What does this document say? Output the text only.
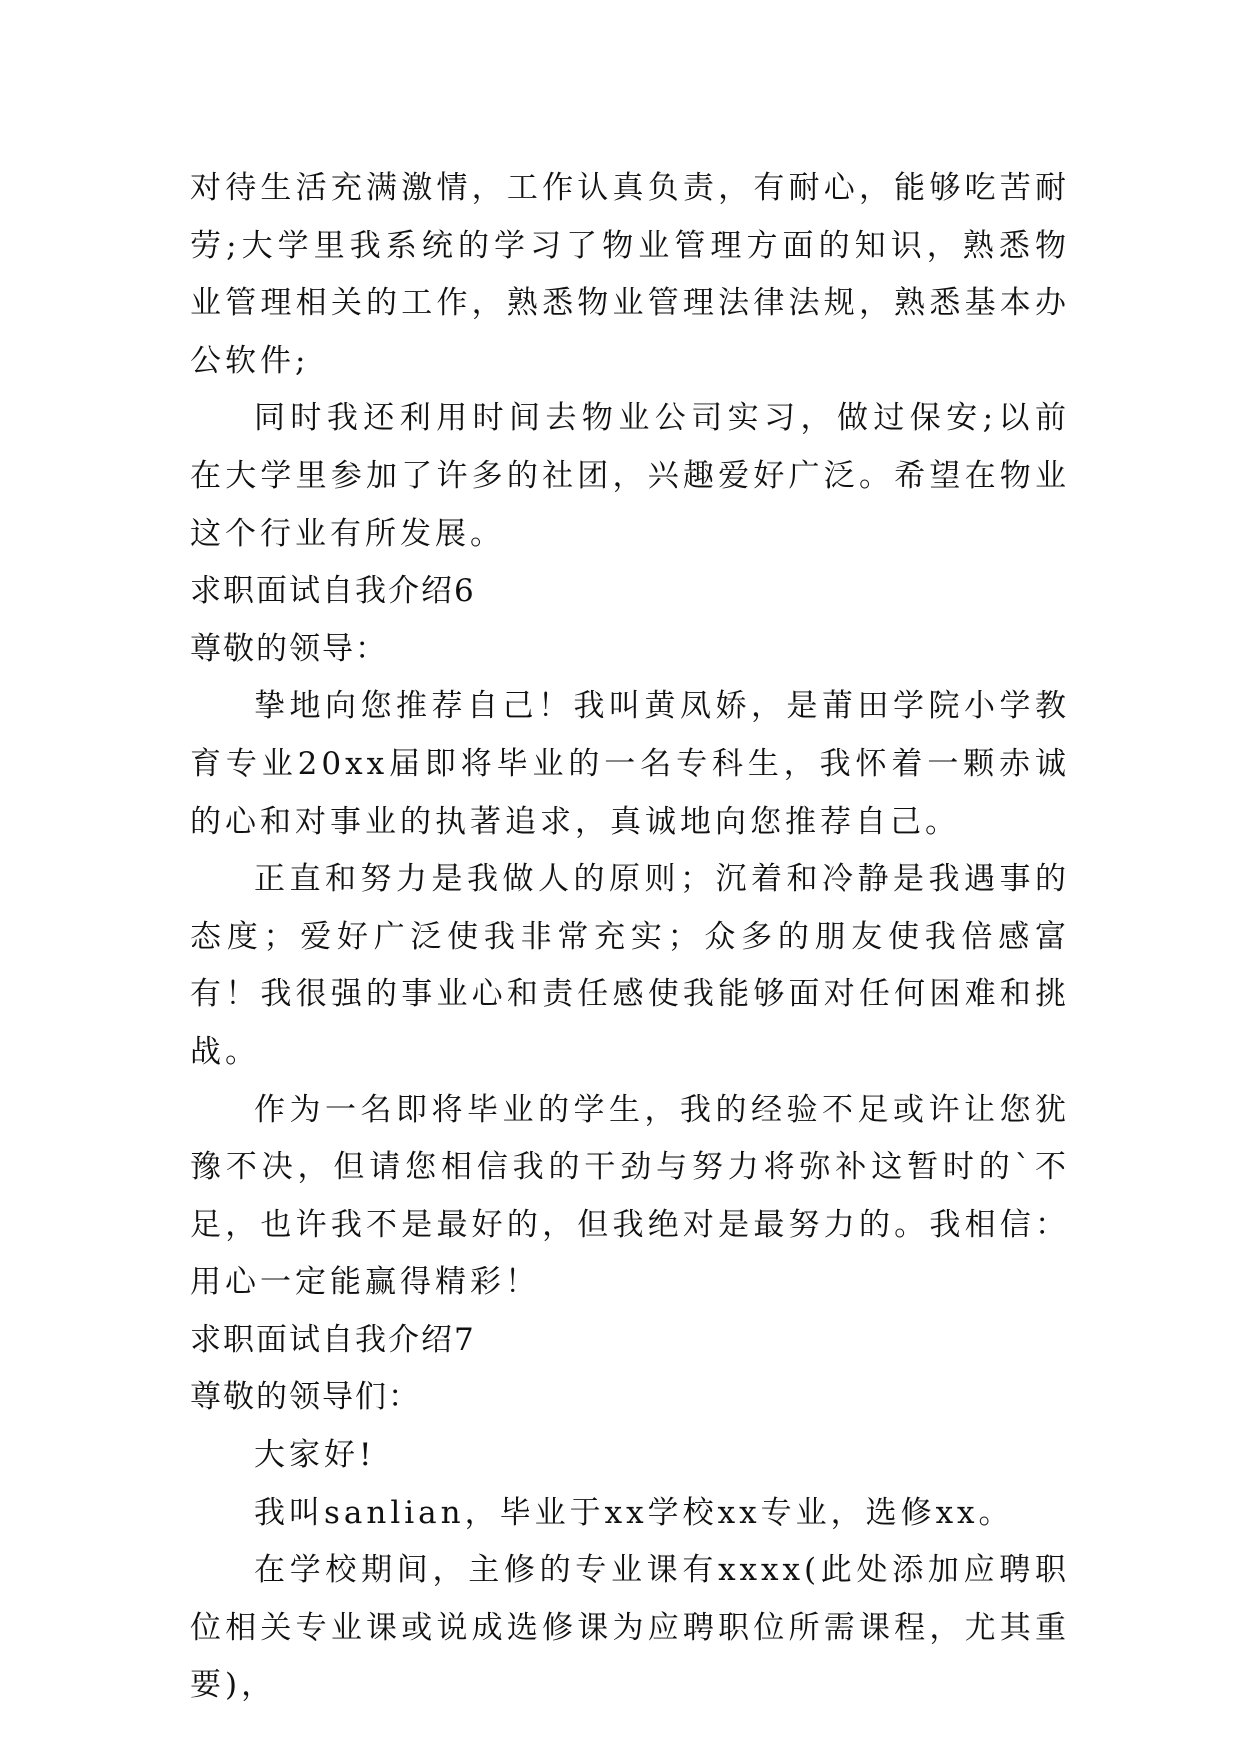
对待生活充满激情，工作认真负责，有耐心，能够吃苦耐劳;大学里我系统的学习了物业管理方面的知识，熟悉物业管理相关的工作，熟悉物业管理法律法规，熟悉基本办公软件;

同时我还利用时间去物业公司实习，做过保安;以前在大学里参加了许多的社团，兴趣爱好广泛。希望在物业这个行业有所发展。

求职面试自我介绍6

尊敬的领导：

挚地向您推荐自己！我叫黄凤娇，是莆田学院小学教育专业20xx届即将毕业的一名专科生，我怀着一颗赤诚的心和对事业的执著追求，真诚地向您推荐自己。

正直和努力是我做人的原则；沉着和冷静是我遇事的态度；爱好广泛使我非常充实；众多的朋友使我倍感富有！我很强的事业心和责任感使我能够面对任何困难和挑战。

作为一名即将毕业的学生，我的经验不足或许让您犹豫不决，但请您相信我的干劲与努力将弥补这暂时的`不足，也许我不是最好的，但我绝对是最努力的。我相信：用心一定能赢得精彩！

求职面试自我介绍7

尊敬的领导们：

大家好!

我叫sanlian，毕业于xx学校xx专业，选修xx。

在学校期间，主修的专业课有xxxx(此处添加应聘职位相关专业课或说成选修课为应聘职位所需课程，尤其重要)，
